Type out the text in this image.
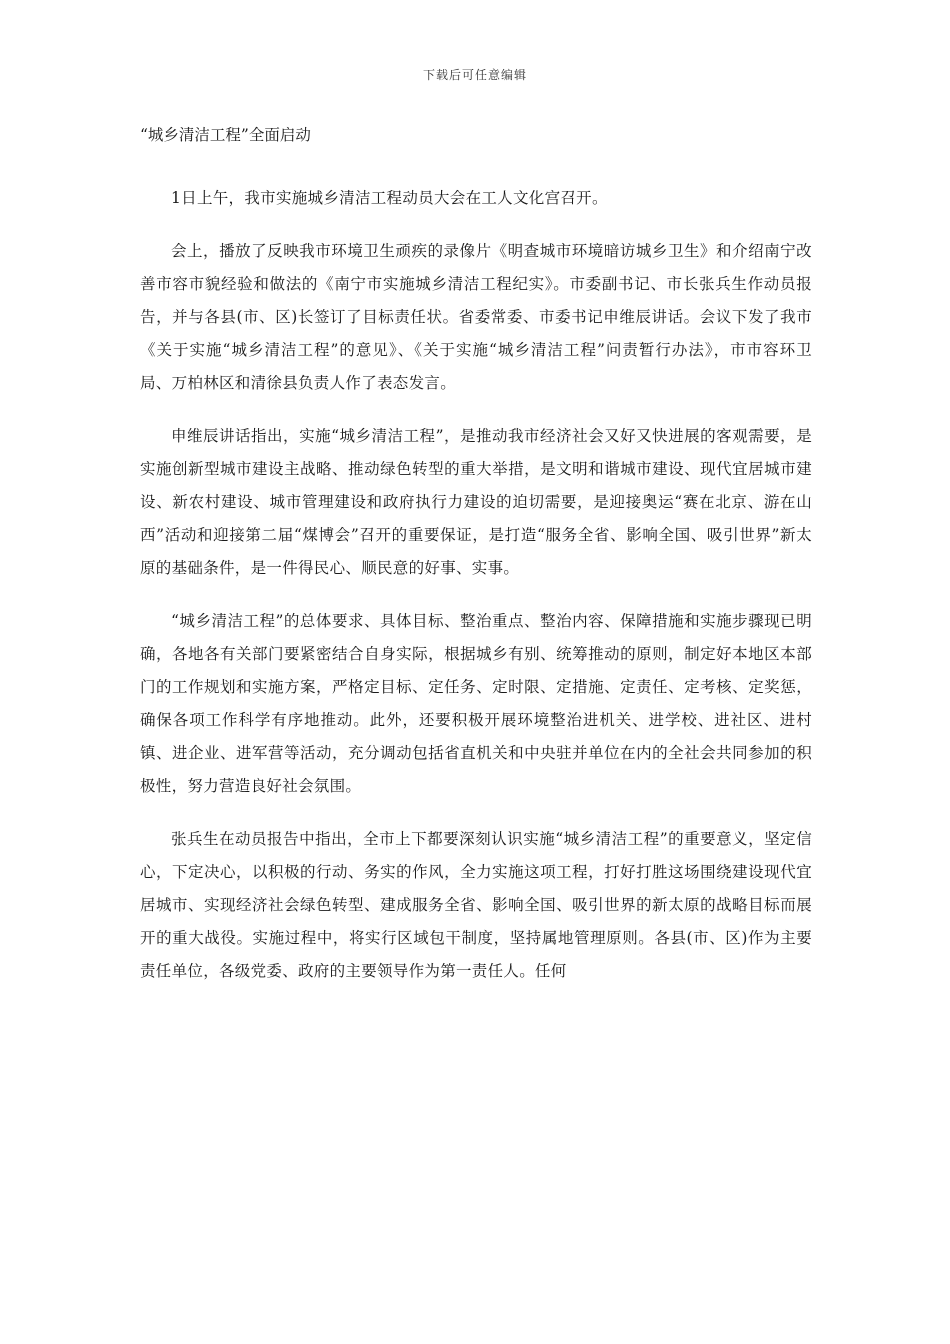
下载后可任意编辑
“城乡清洁工程”全面启动

1日上午，我市实施城乡清洁工程动员大会在工人文化宫召开。

会上，播放了反映我市环境卫生顽疾的录像片《明查城市环境暗访城乡卫生》和介绍南宁改善市容市貌经验和做法的《南宁市实施城乡清洁工程纪实》。市委副书记、市长张兵生作动员报告，并与各县(市、区)长签订了目标责任状。省委常委、市委书记申维辰讲话。会议下发了我市《关于实施“城乡清洁工程”的意见》、《关于实施“城乡清洁工程”问责暂行办法》，市市容环卫局、万柏林区和清徐县负责人作了表态发言。

申维辰讲话指出，实施“城乡清洁工程”，是推动我市经济社会又好又快进展的客观需要，是实施创新型城市建设主战略、推动绿色转型的重大举措，是文明和谐城市建设、现代宜居城市建设、新农村建设、城市管理建设和政府执行力建设的迫切需要，是迎接奥运“赛在北京、游在山西”活动和迎接第二届“煤博会”召开的重要保证，是打造“服务全省、影响全国、吸引世界”新太原的基础条件，是一件得民心、顺民意的好事、实事。

“城乡清洁工程”的总体要求、具体目标、整治重点、整治内容、保障措施和实施步骤现已明确，各地各有关部门要紧密结合自身实际，根据城乡有别、统筹推动的原则，制定好本地区本部门的工作规划和实施方案，严格定目标、定任务、定时限、定措施、定责任、定考核、定奖惩，确保各项工作科学有序地推动。此外，还要积极开展环境整治进机关、进学校、进社区、进村镇、进企业、进军营等活动，充分调动包括省直机关和中央驻并单位在内的全社会共同参加的积极性，努力营造良好社会氛围。

张兵生在动员报告中指出，全市上下都要深刻认识实施“城乡清洁工程”的重要意义，坚定信心，下定决心，以积极的行动、务实的作风，全力实施这项工程，打好打胜这场围绕建设现代宜居城市、实现经济社会绿色转型、建成服务全省、影响全国、吸引世界的新太原的战略目标而展开的重大战役。实施过程中，将实行区域包干制度，坚持属地管理原则。各县(市、区)作为主要责任单位，各级党委、政府的主要领导作为第一责任人。任何
